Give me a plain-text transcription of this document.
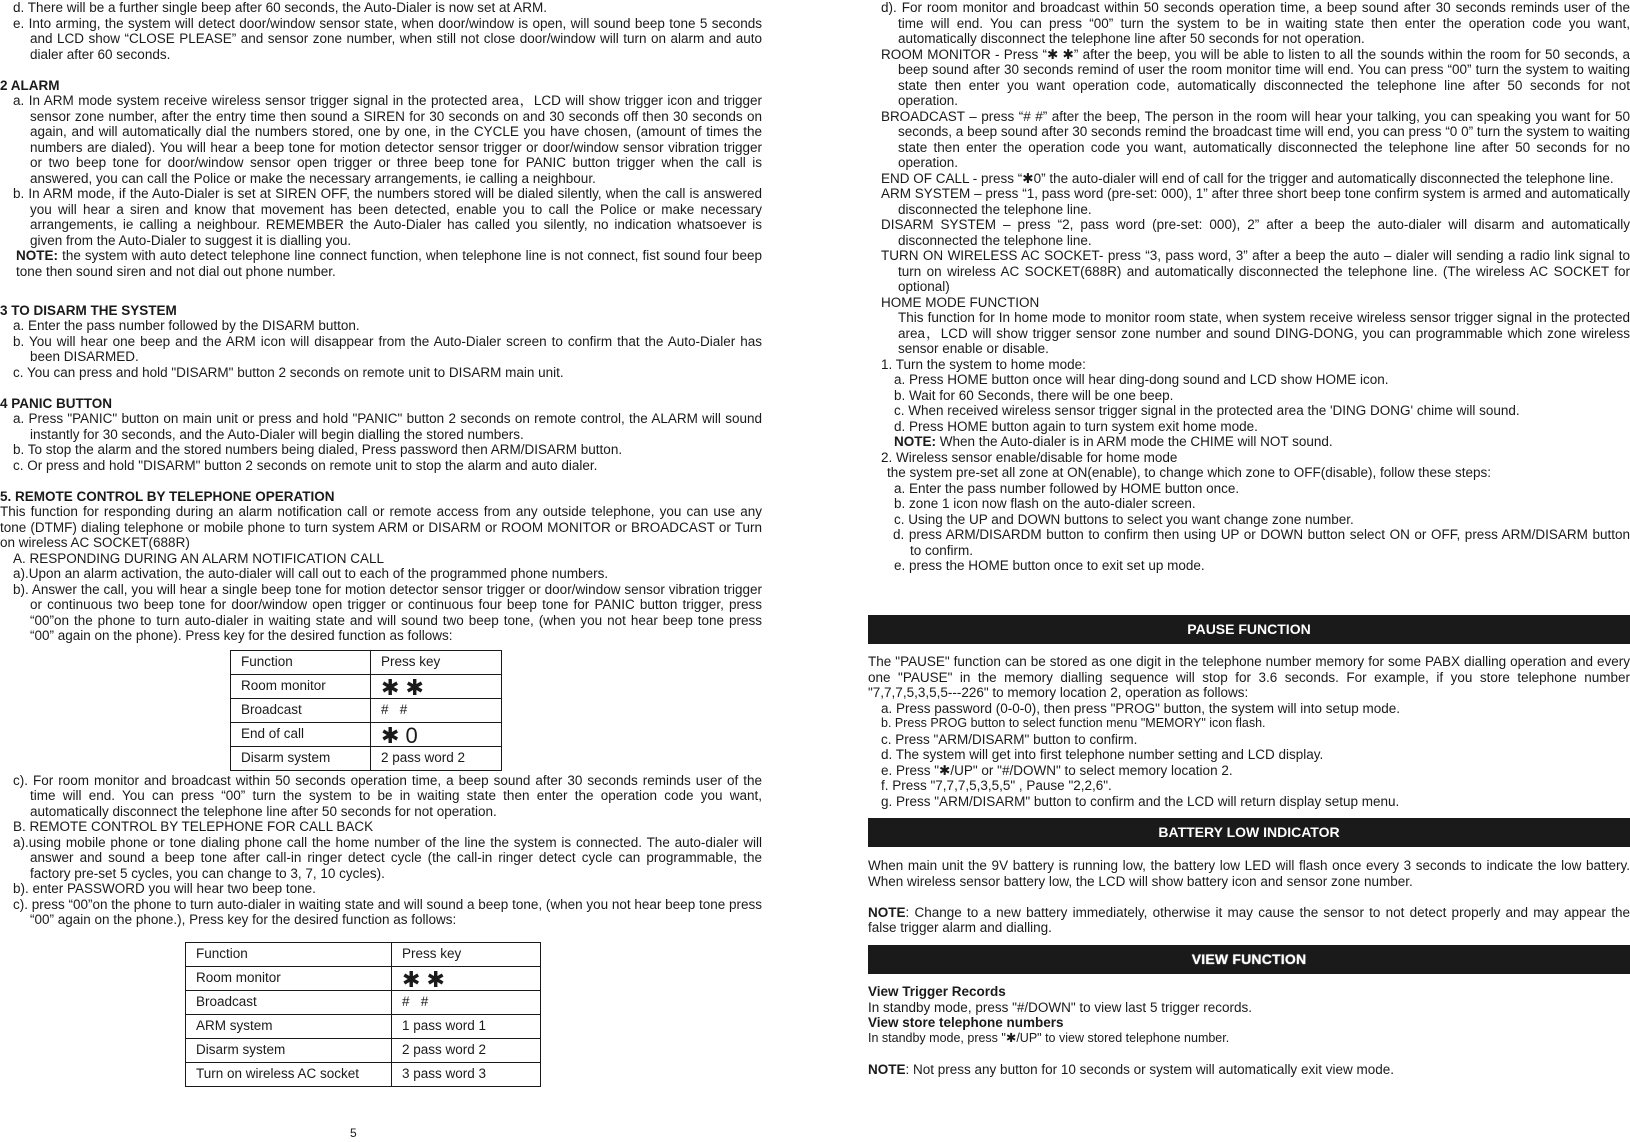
d. There will be a further single beep after 60 seconds, the Auto-Dialer is now set at ARM.

e. Into arming, the system will detect door/window sensor state, when door/window is open, will sound beep tone 5 seconds and LCD show “CLOSE PLEASE” and sensor zone number, when still not close door/window will turn on alarm and auto dialer after 60 seconds.

2 ALARM

a. In ARM mode system receive wireless sensor trigger signal in the protected area，LCD will show trigger icon and trigger sensor zone number, after the entry time then sound a SIREN for 30 seconds on and 30 seconds off then 30 seconds on again, and will automatically dial the numbers stored, one by one, in the CYCLE you have chosen, (amount of times the numbers are dialed). You will hear a beep tone for motion detector sensor trigger or door/window sensor vibration trigger or two beep tone for door/window sensor open trigger or three beep tone for PANIC button trigger when the call is answered, you can call the Police or make the necessary arrangements, ie calling a neighbour.

b. In ARM mode, if the Auto-Dialer is set at SIREN OFF, the numbers stored will be dialed silently, when the call is answered you will hear a siren and know that movement has been detected, enable you to call the Police or make necessary arrangements, ie calling a neighbour. REMEMBER the Auto-Dialer has called you silently, no indication whatsoever is given from the Auto-Dialer to suggest it is dialling you.

NOTE: the system with auto detect telephone line connect function, when telephone line is not connect, fist sound four beep tone then sound siren and not dial out phone number.

3 TO DISARM THE SYSTEM

a. Enter the pass number followed by the DISARM button.

b. You will hear one beep and the ARM icon will disappear from the Auto-Dialer screen to confirm that the Auto-Dialer has been DISARMED.

c. You can press and hold "DISARM" button 2 seconds on remote unit to DISARM main unit.

4 PANIC BUTTON

a. Press "PANIC" button on main unit or press and hold "PANIC" button 2 seconds on remote control, the ALARM will sound instantly for 30 seconds, and the Auto-Dialer will begin dialling the stored numbers.

b. To stop the alarm and the stored numbers being dialed, Press password then ARM/DISARM button.

c. Or press and hold "DISARM" button 2 seconds on remote unit to stop the alarm and auto dialer.

5. REMOTE CONTROL BY TELEPHONE OPERATION

This function for responding during an alarm notification call or remote access from any outside telephone, you can use any tone (DTMF) dialing telephone or mobile phone to turn system ARM or DISARM or ROOM MONITOR or BROADCAST or Turn on wireless AC SOCKET(688R)

A. RESPONDING DURING AN ALARM NOTIFICATION CALL

a).Upon an alarm activation, the auto-dialer will call out to each of the programmed phone numbers.

b). Answer the call, you will hear a single beep tone for motion detector sensor trigger or door/window sensor vibration trigger or continuous two beep tone for door/window open trigger or continuous four beep tone for PANIC button trigger, press “00”on the phone to turn auto-dialer in waiting state and will sound two beep tone, (when you not hear beep tone press “00” again on the phone). Press key for the desired function as follows:

Function	Press key
Room monitor	✱ ✱
Broadcast	#   #
End of call	✱ 0
Disarm system	2 pass word 2

c). For room monitor and broadcast within 50 seconds operation time, a beep sound after 30 seconds reminds user of the time will end. You can press “00” turn the system to be in waiting state then enter the operation code you want, automatically disconnect the telephone line after 50 seconds for not operation.

B. REMOTE CONTROL BY TELEPHONE FOR CALL BACK

a).using mobile phone or tone dialing phone call the home number of the line the system is connected. The auto-dialer will answer and sound a beep tone after call-in ringer detect cycle (the call-in ringer detect cycle can programmable, the factory pre-set 5 cycles, you can change to 3, 7, 10 cycles).

b). enter PASSWORD you will hear two beep tone.

c). press “00”on the phone to turn auto-dialer in waiting state and will sound a beep tone, (when you not hear beep tone press “00” again on the phone.), Press key for the desired function as follows:

Function	Press key
Room monitor	✱ ✱
Broadcast	#   #
ARM system	1 pass word 1
Disarm system	2 pass word 2
Turn on wireless AC socket	3 pass word 3
5

d). For room monitor and broadcast within 50 seconds operation time, a beep sound after 30 seconds reminds user of the time will end. You can press “00” turn the system to be in waiting state then enter the operation code you want, automatically disconnect the telephone line after 50 seconds for not operation.

ROOM MONITOR - Press “✱ ✱” after the beep, you will be able to listen to all the sounds within the room for 50 seconds, a beep sound after 30 seconds remind of user the room monitor time will end. You can press “00” turn the system to waiting state then enter you want operation code, automatically disconnected the telephone line after 50 seconds for not operation.

BROADCAST – press “# #” after the beep, The person in the room will hear your talking, you can speaking you want for 50 seconds, a beep sound after 30 seconds remind the broadcast time will end, you can press “0 0” turn the system to waiting state then enter the operation code you want, automatically disconnected the telephone line after 50 seconds for no operation.

END OF CALL - press “✱0” the auto-dialer will end of call for the trigger and automatically disconnected the telephone line.

ARM SYSTEM – press “1, pass word (pre-set: 000), 1” after three short beep tone confirm system is armed and automatically disconnected the telephone line.

DISARM SYSTEM – press “2, pass word (pre-set: 000), 2” after a beep the auto-dialer will disarm and automatically disconnected the telephone line.

TURN ON WIRELESS AC SOCKET- press “3, pass word, 3” after a beep the auto – dialer will sending a radio link signal to turn on wireless AC SOCKET(688R) and automatically disconnected the telephone line. (The wireless AC SOCKET for optional)

HOME MODE FUNCTION

This function for In home mode to monitor room state, when system receive wireless sensor trigger signal in the protected area，LCD will show trigger sensor zone number and sound DING-DONG, you can programmable which zone wireless sensor enable or disable.

1. Turn the system to home mode:

a. Press HOME button once will hear ding-dong sound and LCD show HOME icon.

b. Wait for 60 Seconds, there will be one beep.

c. When received wireless sensor trigger signal in the protected area the 'DING DONG' chime will sound.

d. Press HOME button again to turn system exit home mode.

NOTE: When the Auto-dialer is in ARM mode the CHIME will NOT sound.

2. Wireless sensor enable/disable for home mode

the system pre-set all zone at ON(enable), to change which zone to OFF(disable), follow these steps:

a. Enter the pass number followed by HOME button once.

b. zone 1 icon now flash on the auto-dialer screen.

c. Using the UP and DOWN buttons to select you want change zone number.

d. press ARM/DISARDM button to confirm then using UP or DOWN button select ON or OFF, press ARM/DISARM button to confirm.

e. press the HOME button once to exit set up mode.

PAUSE FUNCTION

The "PAUSE" function can be stored as one digit in the telephone number memory for some PABX dialling operation and every one "PAUSE" in the memory dialling sequence will stop for 3.6 seconds. For example, if you store telephone number "7,7,7,5,3,5,5---226" to memory location 2, operation as follows:

a. Press password (0-0-0), then press "PROG" button, the system will into setup mode.

b. Press PROG button to select function menu "MEMORY" icon flash.

c. Press "ARM/DISARM" button to confirm.

d. The system will get into first telephone number setting and LCD display.

e. Press "✱/UP" or "#/DOWN" to select memory location 2.

f. Press "7,7,7,5,3,5,5" , Pause "2,2,6".

g. Press "ARM/DISARM" button to confirm and the LCD will return display setup menu.

BATTERY LOW INDICATOR

When main unit the 9V battery is running low, the battery low LED will flash once every 3 seconds to indicate the low battery. When wireless sensor battery low, the LCD will show battery icon and sensor zone number.

NOTE: Change to a new battery immediately, otherwise it may cause the sensor to not detect properly and may appear the false trigger alarm and dialling.

VIEW FUNCTION

View Trigger Records

In standby mode, press "#/DOWN" to view last 5 trigger records.

View store telephone numbers

In standby mode, press "✱/UP" to view stored telephone number.

NOTE: Not press any button for 10 seconds or system will automatically exit view mode.
